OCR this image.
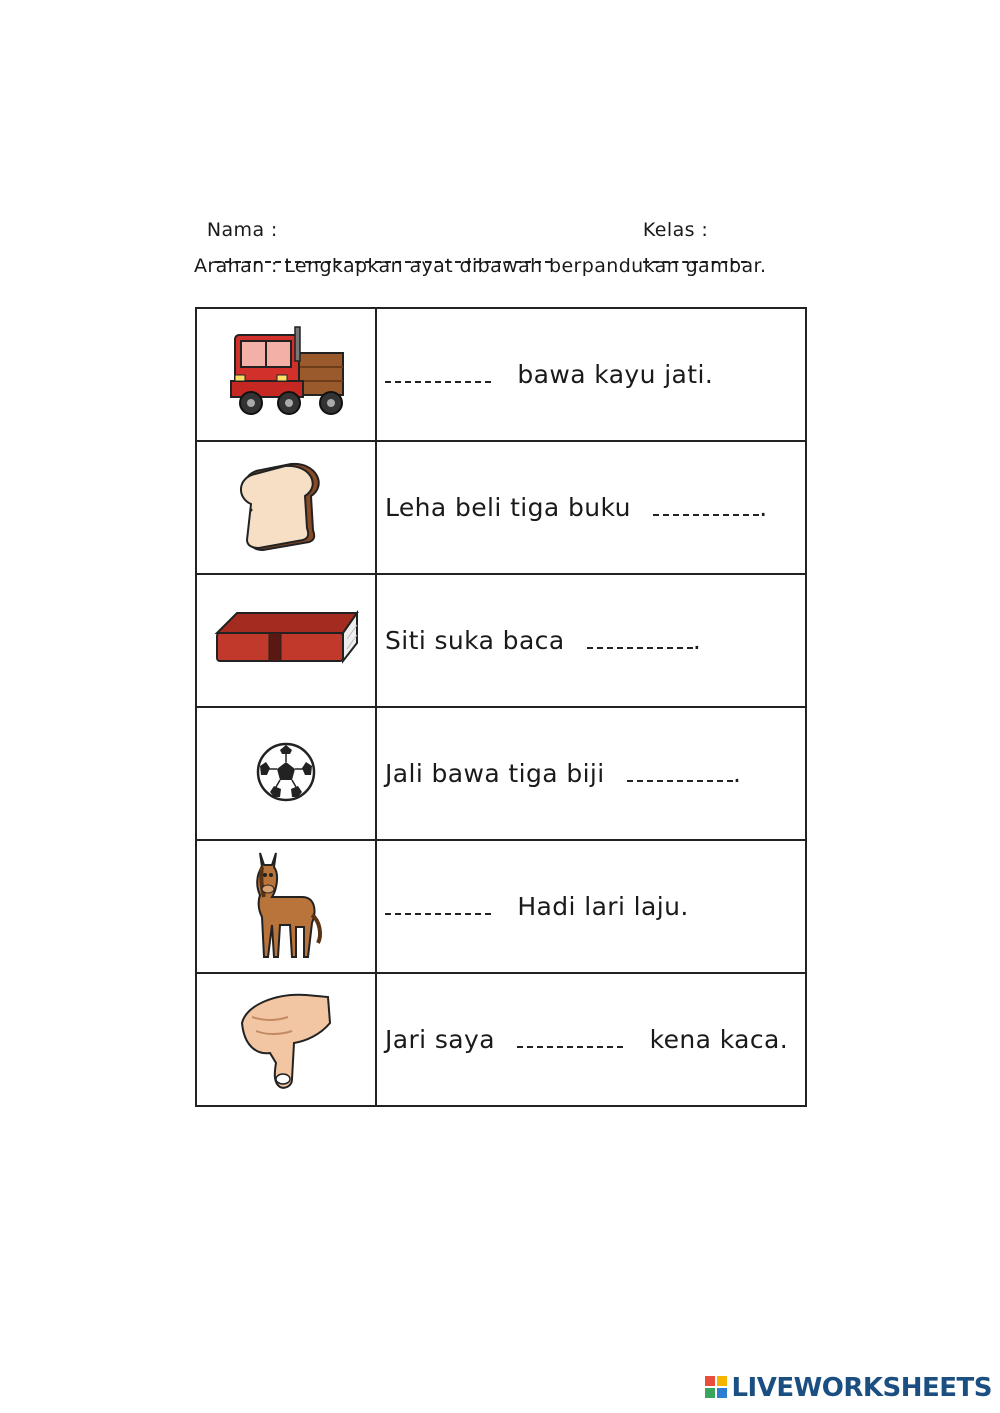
Nama :
	Kelas :

Arahan : Lengkapkan ayat dibawah berpandukan gambar.
	bawa kayu jati.
	Leha beli tiga buku .
	Siti suka baca .
	Jali bawa tiga biji .
	Hadi lari laju.
	Jari saya kena kaca.
LIVEWORKSHEETS
